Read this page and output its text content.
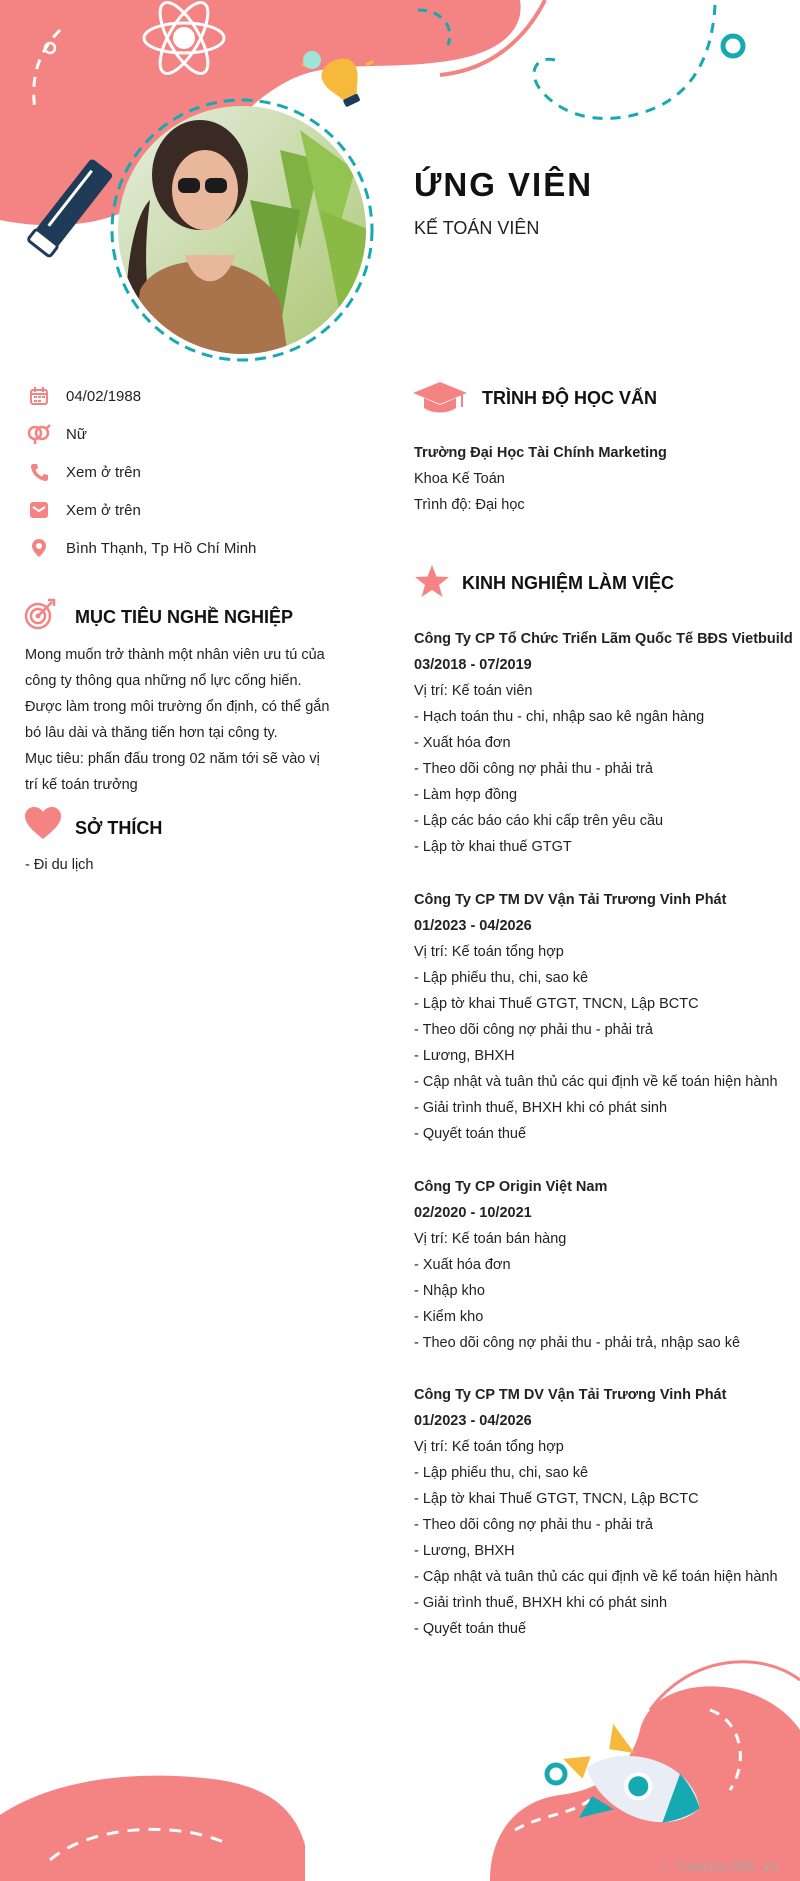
ỨNG VIÊN
KẾ TOÁN VIÊN
04/02/1988
Nữ
Xem ở trên
Xem ở trên
Bình Thạnh, Tp Hồ Chí Minh
MỤC TIÊU NGHỀ NGHIỆP

Mong muốn trở thành một nhân viên ưu tú của

công ty thông qua những nổ lực cống hiến.

Được làm trong môi trường ổn định, có thể gắn

bó lâu dài và thăng tiến hơn tại công ty.

Mục tiêu: phấn đấu trong 02 năm tới sẽ vào vị

trí kế toán trưởng

SỞ THÍCH

- Đi du lịch

TRÌNH ĐỘ HỌC VẤN
Trường Đại Học Tài Chính Marketing
Khoa Kế Toán
Trình độ: Đại học
KINH NGHIỆM LÀM VIỆC
Công Ty CP Tổ Chức Triển Lãm Quốc Tế BĐS Vietbuild
03/2018 - 07/2019
Vị trí: Kế toán viên
- Hạch toán thu - chi, nhập sao kê ngân hàng
- Xuất hóa đơn
- Theo dõi công nợ phải thu - phải trả
- Làm hợp đồng
- Lập các báo cáo khi cấp trên yêu cầu
- Lập tờ khai thuế GTGT
Công Ty CP TM DV Vận Tải Trương Vinh Phát
01/2023 - 04/2026
Vị trí: Kế toán tổng hợp
- Lập phiếu thu, chi, sao kê
- Lập tờ khai Thuế GTGT, TNCN, Lập BCTC
- Theo dõi công nợ phải thu - phải trả
- Lương, BHXH
- Cập nhật và tuân thủ các qui định về kế toán hiện hành
- Giải trình thuế, BHXH khi có phát sinh
- Quyết toán thuế
Công Ty CP Origin Việt Nam
02/2020 - 10/2021
Vị trí: Kế toán bán hàng
- Xuất hóa đơn
- Nhập kho
- Kiểm kho
- Theo dõi công nợ phải thu - phải trả, nhập sao kê
Công Ty CP TM DV Vận Tải Trương Vinh Phát
01/2023 - 04/2026
Vị trí: Kế toán tổng hợp
- Lập phiếu thu, chi, sao kê
- Lập tờ khai Thuế GTGT, TNCN, Lập BCTC
- Theo dõi công nợ phải thu - phải trả
- Lương, BHXH
- Cập nhật và tuân thủ các qui định về kế toán hiện hành
- Giải trình thuế, BHXH khi có phát sinh
- Quyết toán thuế
∴ Timviec365.vn
